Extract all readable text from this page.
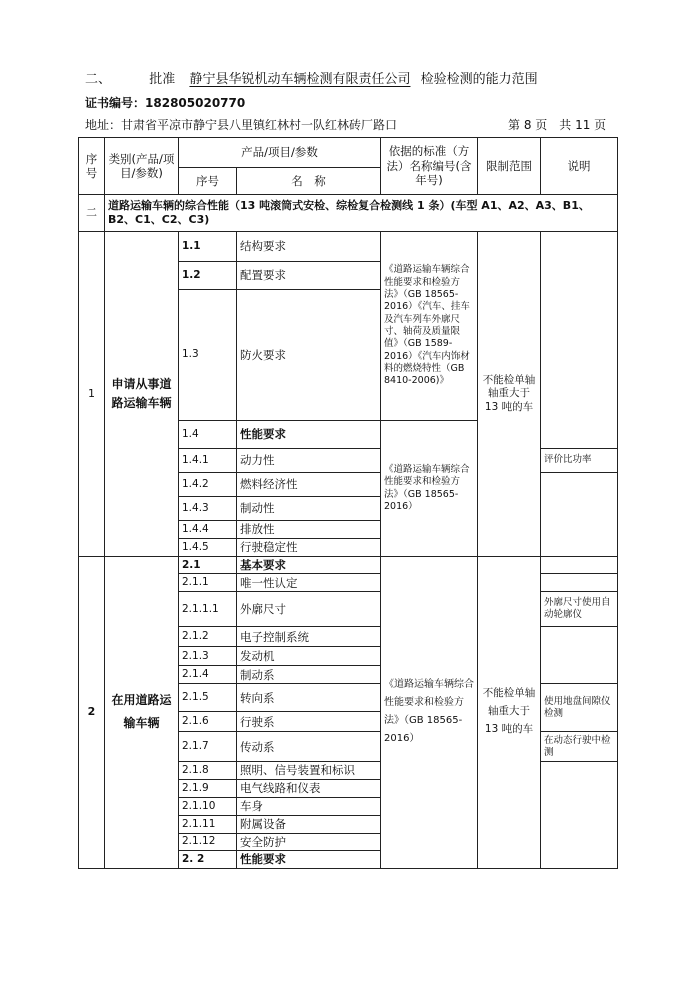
二、	批准 静宁县华锐机动车辆检测有限责任公司 检验检测的能力范围
证书编号：182805020770
地址：甘肃省平凉市静宁县八里镇红林村一队红林砖厂路口	第 8 页　共 11 页
序号	类别(产品/项目/参数)	产品/项目/参数		依据的标准（方法）名称编号(含年号)	限制范围	说明
		序号	名　称			
二	道路运输车辆的综合性能（13 吨滚筒式安检、综检复合检测线 1 条）(车型 A1、A2、A3、B1、B2、C1、C2、C3)					
1	申请从事道路运输车辆	1.1	结构要求	《道路运输车辆综合性能要求和检验方法》（GB 18565-2016）《汽车、挂车及汽车列车外廓尺寸、轴荷及质量限值》（GB 1589-2016）《汽车内饰材料的燃烧特性（GB 8410-2006)》	不能检单轴轴重大于 13 吨的车	
		1.2	配置要求			
		1.3	防火要求			
		1.4	性能要求	《道路运输车辆综合性能要求和检验方法》（GB 18565-2016）		
		1.4.1	动力性			评价比功率
		1.4.2	燃料经济性			
		1.4.3	制动性			
		1.4.4	排放性			
		1.4.5	行驶稳定性			
2	在用道路运输车辆	2.1	基本要求	《道路运输车辆综合性能要求和检验方法》（GB 18565-2016）	不能检单轴轴重大于 13 吨的车	
		2.1.1	唯一性认定			
		2.1.1.1	外廓尺寸			外廓尺寸使用自动轮廓仪
		2.1.2	电子控制系统			
		2.1.3	发动机			
		2.1.4	制动系			
		2.1.5	转向系			使用地盘间隙仪检测
		2.1.6	行驶系			
		2.1.7	传动系			在动态行驶中检测
		2.1.8	照明、信号装置和标识			
		2.1.9	电气线路和仪表			
		2.1.10	车身			
		2.1.11	附属设备			
		2.1.12	安全防护			
		2. 2	性能要求			
